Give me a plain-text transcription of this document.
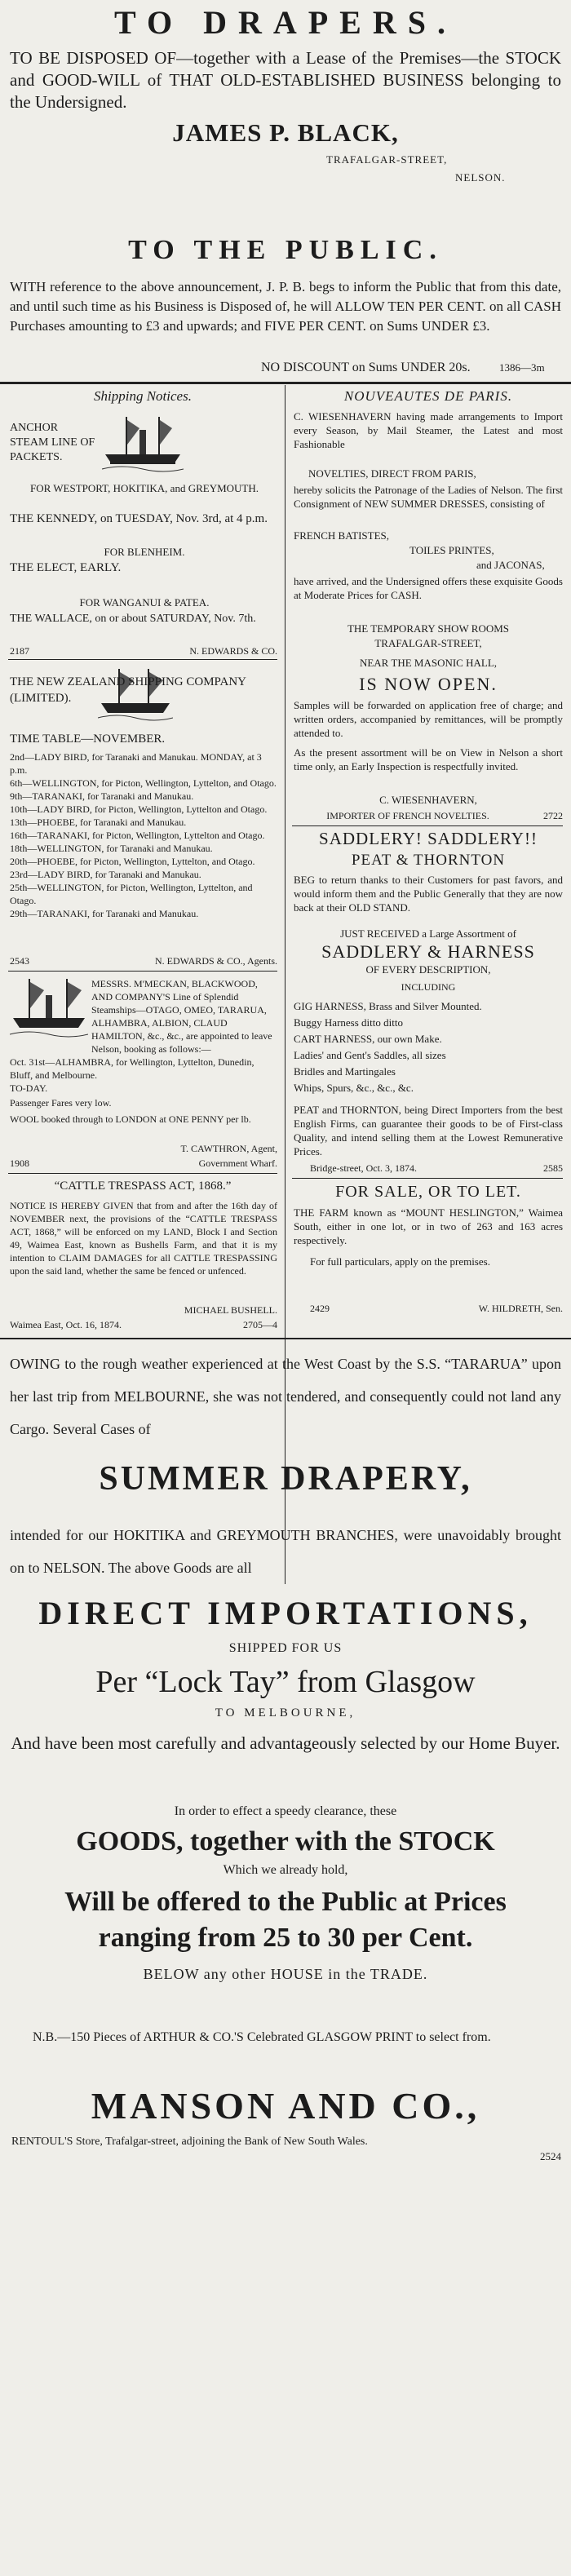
TO DRAPERS.

TO BE DISPOSED OF—together with a Lease of the Premises—the STOCK and GOOD-WILL of THAT OLD-ESTABLISHED BUSINESS belonging to the Undersigned.

JAMES P. BLACK,
TRAFALGAR-STREET,
NELSON.
TO THE PUBLIC.

WITH reference to the above announcement, J. P. B. begs to inform the Public that from this date, and until such time as his Business is Disposed of, he will ALLOW TEN PER CENT. on all CASH Purchases amounting to £3 and upwards; and FIVE PER CENT. on Sums UNDER £3.

NO DISCOUNT on Sums UNDER 20s.	1386—3m
Shipping Notices.
ANCHOR STEAM LINE OF PACKETS.

FOR WESTPORT, HOKITIKA, and GREYMOUTH.

THE KENNEDY, on TUESDAY, Nov. 3rd, at 4 p.m.

FOR BLENHEIM.

THE ELECT, EARLY.

FOR WANGANUI & PATEA.

THE WALLACE, on or about SATURDAY, Nov. 7th.

2187	N. EDWARDS & CO.

THE NEW ZEALAND SHIPPING COMPANY (LIMITED).

TIME TABLE—NOVEMBER.

2nd—LADY BIRD, for Taranaki and Manukau. MONDAY, at 3 p.m.

6th—WELLINGTON, for Picton, Wellington, Lyttelton, and Otago.

9th—TARANAKI, for Taranaki and Manukau.

10th—LADY BIRD, for Picton, Wellington, Lyttelton and Otago.

13th—PHOEBE, for Taranaki and Manukau.

16th—TARANAKI, for Picton, Wellington, Lyttelton and Otago.

18th—WELLINGTON, for Taranaki and Manukau.

20th—PHOEBE, for Picton, Wellington, Lyttelton, and Otago.

23rd—LADY BIRD, for Taranaki and Manukau.

25th—WELLINGTON, for Picton, Wellington, Lyttelton, and Otago.

29th—TARANAKI, for Taranaki and Manukau.

2543	N. EDWARDS & CO., Agents.

MESSRS. M'MECKAN, BLACKWOOD, AND COMPANY'S Line of Splendid Steamships—OTAGO, OMEO, TARARUA, ALHAMBRA, ALBION, CLAUD HAMILTON, &c., &c., are appointed to leave Nelson, booking as follows:—

Oct. 31st—ALHAMBRA, for Wellington, Lyttelton, Dunedin, Bluff, and Melbourne.

TO-DAY.

Passenger Fares very low.

WOOL booked through to LONDON at ONE PENNY per lb.

T. CAWTHRON, Agent,
1908	Government Wharf.
“CATTLE TRESPASS ACT, 1868.”

NOTICE IS HEREBY GIVEN that from and after the 16th day of NOVEMBER next, the provisions of the “CATTLE TRESPASS ACT, 1868,” will be enforced on my LAND, Block I and Section 49, Waimea East, known as Bushells Farm, and that it is my intention to CLAIM DAMAGES for all CATTLE TRESPASSING upon the said land, whether the same be fenced or unfenced.

MICHAEL BUSHELL.
Waimea East, Oct. 16, 1874.	2705—4
NOUVEAUTES DE PARIS.

C. WIESENHAVERN having made arrangements to Import every Season, by Mail Steamer, the Latest and most Fashionable

NOVELTIES, DIRECT FROM PARIS,

hereby solicits the Patronage of the Ladies of Nelson. The first Consignment of NEW SUMMER DRESSES, consisting of

FRENCH BATISTES,

TOILES PRINTES,

and JACONAS,

have arrived, and the Undersigned offers these exquisite Goods at Moderate Prices for CASH.

THE TEMPORARY SHOW ROOMS
TRAFALGAR-STREET,
NEAR THE MASONIC HALL,
IS NOW OPEN.

Samples will be forwarded on application free of charge; and written orders, accompanied by remittances, will be promptly attended to.

As the present assortment will be on View in Nelson a short time only, an Early Inspection is respectfully invited.

C. WIESENHAVERN,
IMPORTER OF FRENCH NOVELTIES.	2722
SADDLERY! SADDLERY!!
PEAT & THORNTON

BEG to return thanks to their Customers for past favors, and would inform them and the Public Generally that they are now back at their OLD STAND.

JUST RECEIVED a Large Assortment of
SADDLERY & HARNESS
OF EVERY DESCRIPTION,
INCLUDING

GIG HARNESS, Brass and Silver Mounted.

Buggy Harness ditto ditto

CART HARNESS, our own Make.

Ladies' and Gent's Saddles, all sizes

Bridles and Martingales

Whips, Spurs, &c., &c., &c.

PEAT and THORNTON, being Direct Importers from the best English Firms, can guarantee their goods to be of First-class Quality, and intend selling them at the Lowest Remunerative Prices.

Bridge-street, Oct. 3, 1874.	2585
FOR SALE, OR TO LET.

THE FARM known as “MOUNT HESLINGTON,” Waimea South, either in one lot, or in two of 263 and 163 acres respectively.

For full particulars, apply on the premises.

2429	W. HILDRETH, Sen.

OWING to the rough weather experienced at the West Coast by the S.S. “TARARUA” upon her last trip from MELBOURNE, she was not tendered, and consequently could not land any Cargo. Several Cases of

SUMMER DRAPERY,

intended for our HOKITIKA and GREYMOUTH BRANCHES, were unavoidably brought on to NELSON. The above Goods are all

DIRECT IMPORTATIONS,
SHIPPED FOR US
Per “Lock Tay” from Glasgow
TO MELBOURNE,

And have been most carefully and advantageously selected by our Home Buyer.

In order to effect a speedy clearance, these
GOODS, together with the STOCK
Which we already hold,
Will be offered to the Public at Prices
ranging from 25 to 30 per Cent.
BELOW any other HOUSE in the TRADE.

N.B.—150 Pieces of ARTHUR & CO.'S Celebrated GLASGOW PRINT to select from.

MANSON AND CO.,

RENTOUL'S Store, Trafalgar-street, adjoining the Bank of New South Wales.

2524
